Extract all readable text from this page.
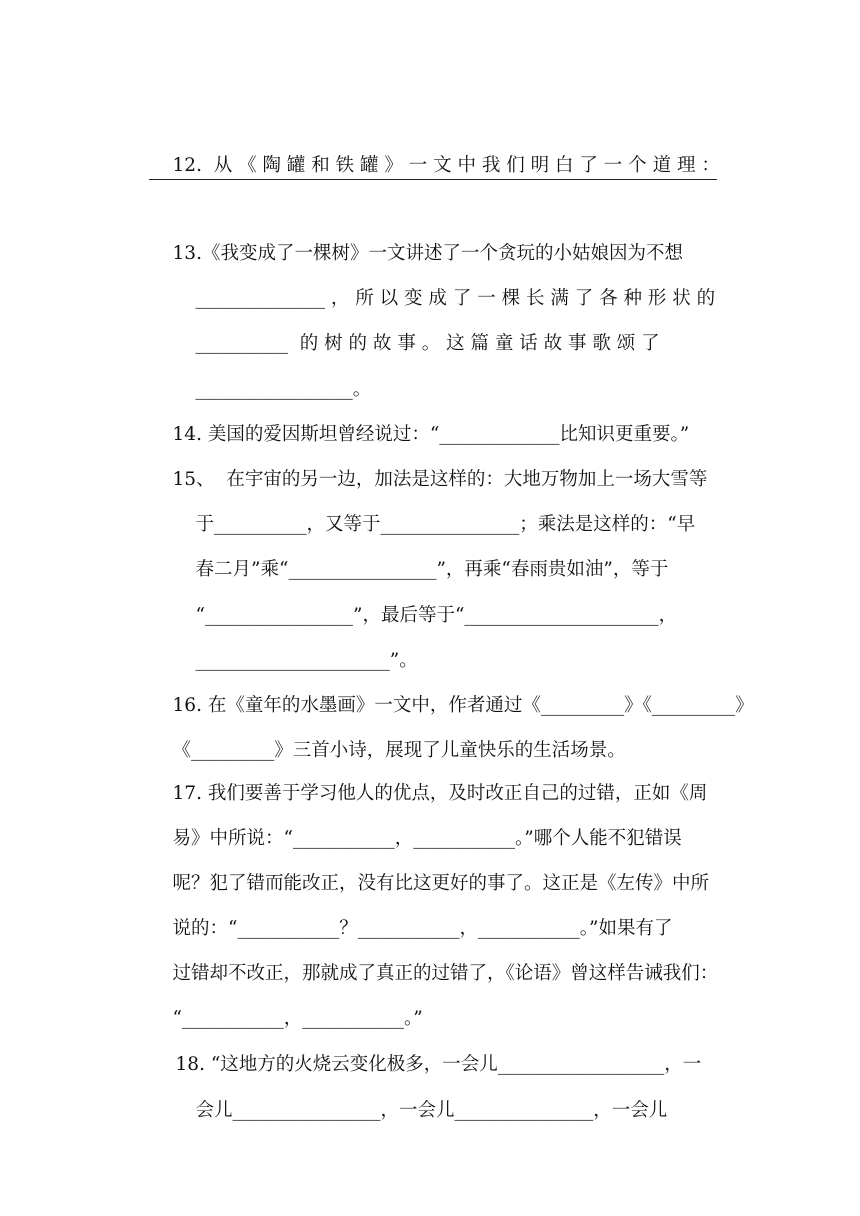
12.  从 《 陶 罐 和 铁 罐 》 一 文 中 我 们 明 白 了 一 个 道 理 ：

13.《我变成了一棵树》一文讲述了一个贪玩的小姑娘因为不想

______________ ， 所 以 变 成 了 一 棵 长 满 了 各 种 形 状 的

__________  的 树 的 故 事 。 这 篇 童 话 故 事 歌 颂 了

_________________。

14. 美国的爱因斯坦曾经说过：“_____________比知识更重要。”

15、  在宇宙的另一边，加法是这样的：大地万物加上一场大雪等

于__________，又等于_______________；乘法是这样的：“早

春二月”乘“________________”，再乘“春雨贵如油”，等于

“________________”，最后等于“_____________________，

_____________________”。

16. 在《童年的水墨画》一文中，作者通过《_________》《_________》

《_________》三首小诗，展现了儿童快乐的生活场景。

17. 我们要善于学习他人的优点，及时改正自己的过错，正如《周

易》中所说：“___________，___________。”哪个人能不犯错误

呢？犯了错而能改正，没有比这更好的事了。这正是《左传》中所

说的：“___________？___________，___________。”如果有了

过错却不改正，那就成了真正的过错了，《论语》曾这样告诫我们：

“___________，___________。”

18. “这地方的火烧云变化极多，一会儿__________________，一

会儿________________，一会儿_______________，一会儿
